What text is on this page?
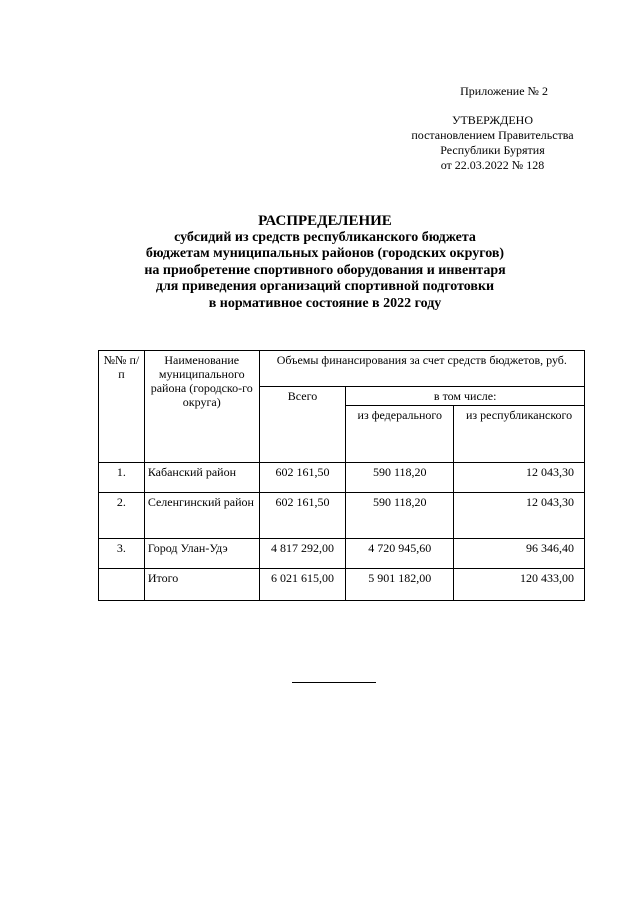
Приложение № 2
УТВЕРЖДЕНО
постановлением Правительства
Республики Бурятия
от 22.03.2022 № 128
РАСПРЕДЕЛЕНИЕ
субсидий из средств республиканского бюджета
бюджетам муниципальных районов (городских округов)
на приобретение спортивного оборудования и инвентаря
для приведения организаций спортивной подготовки
в нормативное состояние в 2022 году
№№ п/п	Наименование муниципального района (городско-го округа)	Объемы финансирования за счет средств бюджетов, руб.		
		Всего	в том числе:	
			из федерального	из республиканского
1.	Кабанский район	602 161,50	590 118,20	12 043,30
2.	Селенгинский район	602 161,50	590 118,20	12 043,30
3.	Город Улан-Удэ	4 817 292,00	4 720 945,60	96 346,40
	Итого	6 021 615,00	5 901 182,00	120 433,00
